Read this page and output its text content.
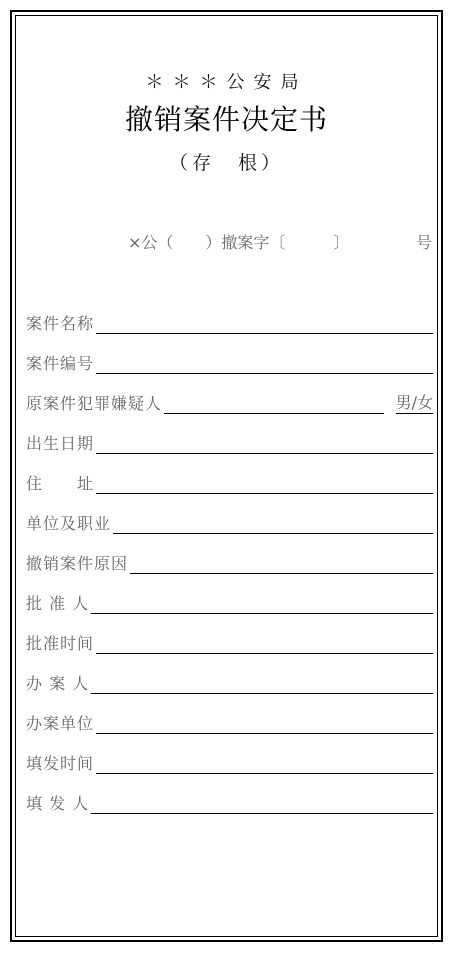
＊＊＊公安局
撤销案件决定书
（存　根）
×公（　　）撤案字〔　　　〕	号
案件名称
案件编号
原案件犯罪嫌疑人	男/女
出生日期
住　　址
单位及职业
撤销案件原因
批 准 人
批准时间
办 案 人
办案单位
填发时间
填 发 人
